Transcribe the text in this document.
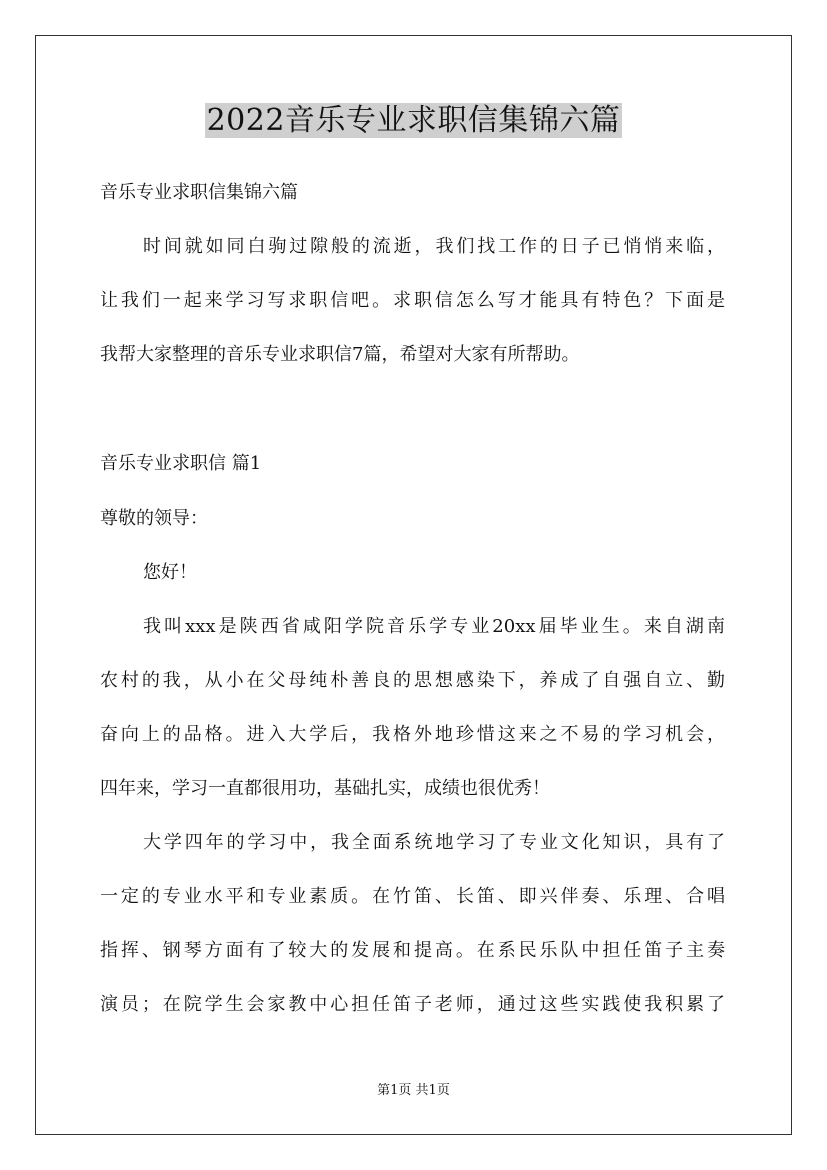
2022音乐专业求职信集锦六篇
音乐专业求职信集锦六篇
时间就如同白驹过隙般的流逝，我们找工作的日子已悄悄来临，
让我们一起来学习写求职信吧。求职信怎么写才能具有特色？下面是
我帮大家整理的音乐专业求职信7篇，希望对大家有所帮助。
音乐专业求职信 篇1
尊敬的领导：
您好！
我叫xxx是陕西省咸阳学院音乐学专业20xx届毕业生。来自湖南
农村的我，从小在父母纯朴善良的思想感染下，养成了自强自立、勤
奋向上的品格。进入大学后，我格外地珍惜这来之不易的学习机会，
四年来，学习一直都很用功，基础扎实，成绩也很优秀！
大学四年的学习中，我全面系统地学习了专业文化知识，具有了
一定的专业水平和专业素质。在竹笛、长笛、即兴伴奏、乐理、合唱
指挥、钢琴方面有了较大的发展和提高。在系民乐队中担任笛子主奏
演员；在院学生会家教中心担任笛子老师，通过这些实践使我积累了
第1页 共1页
